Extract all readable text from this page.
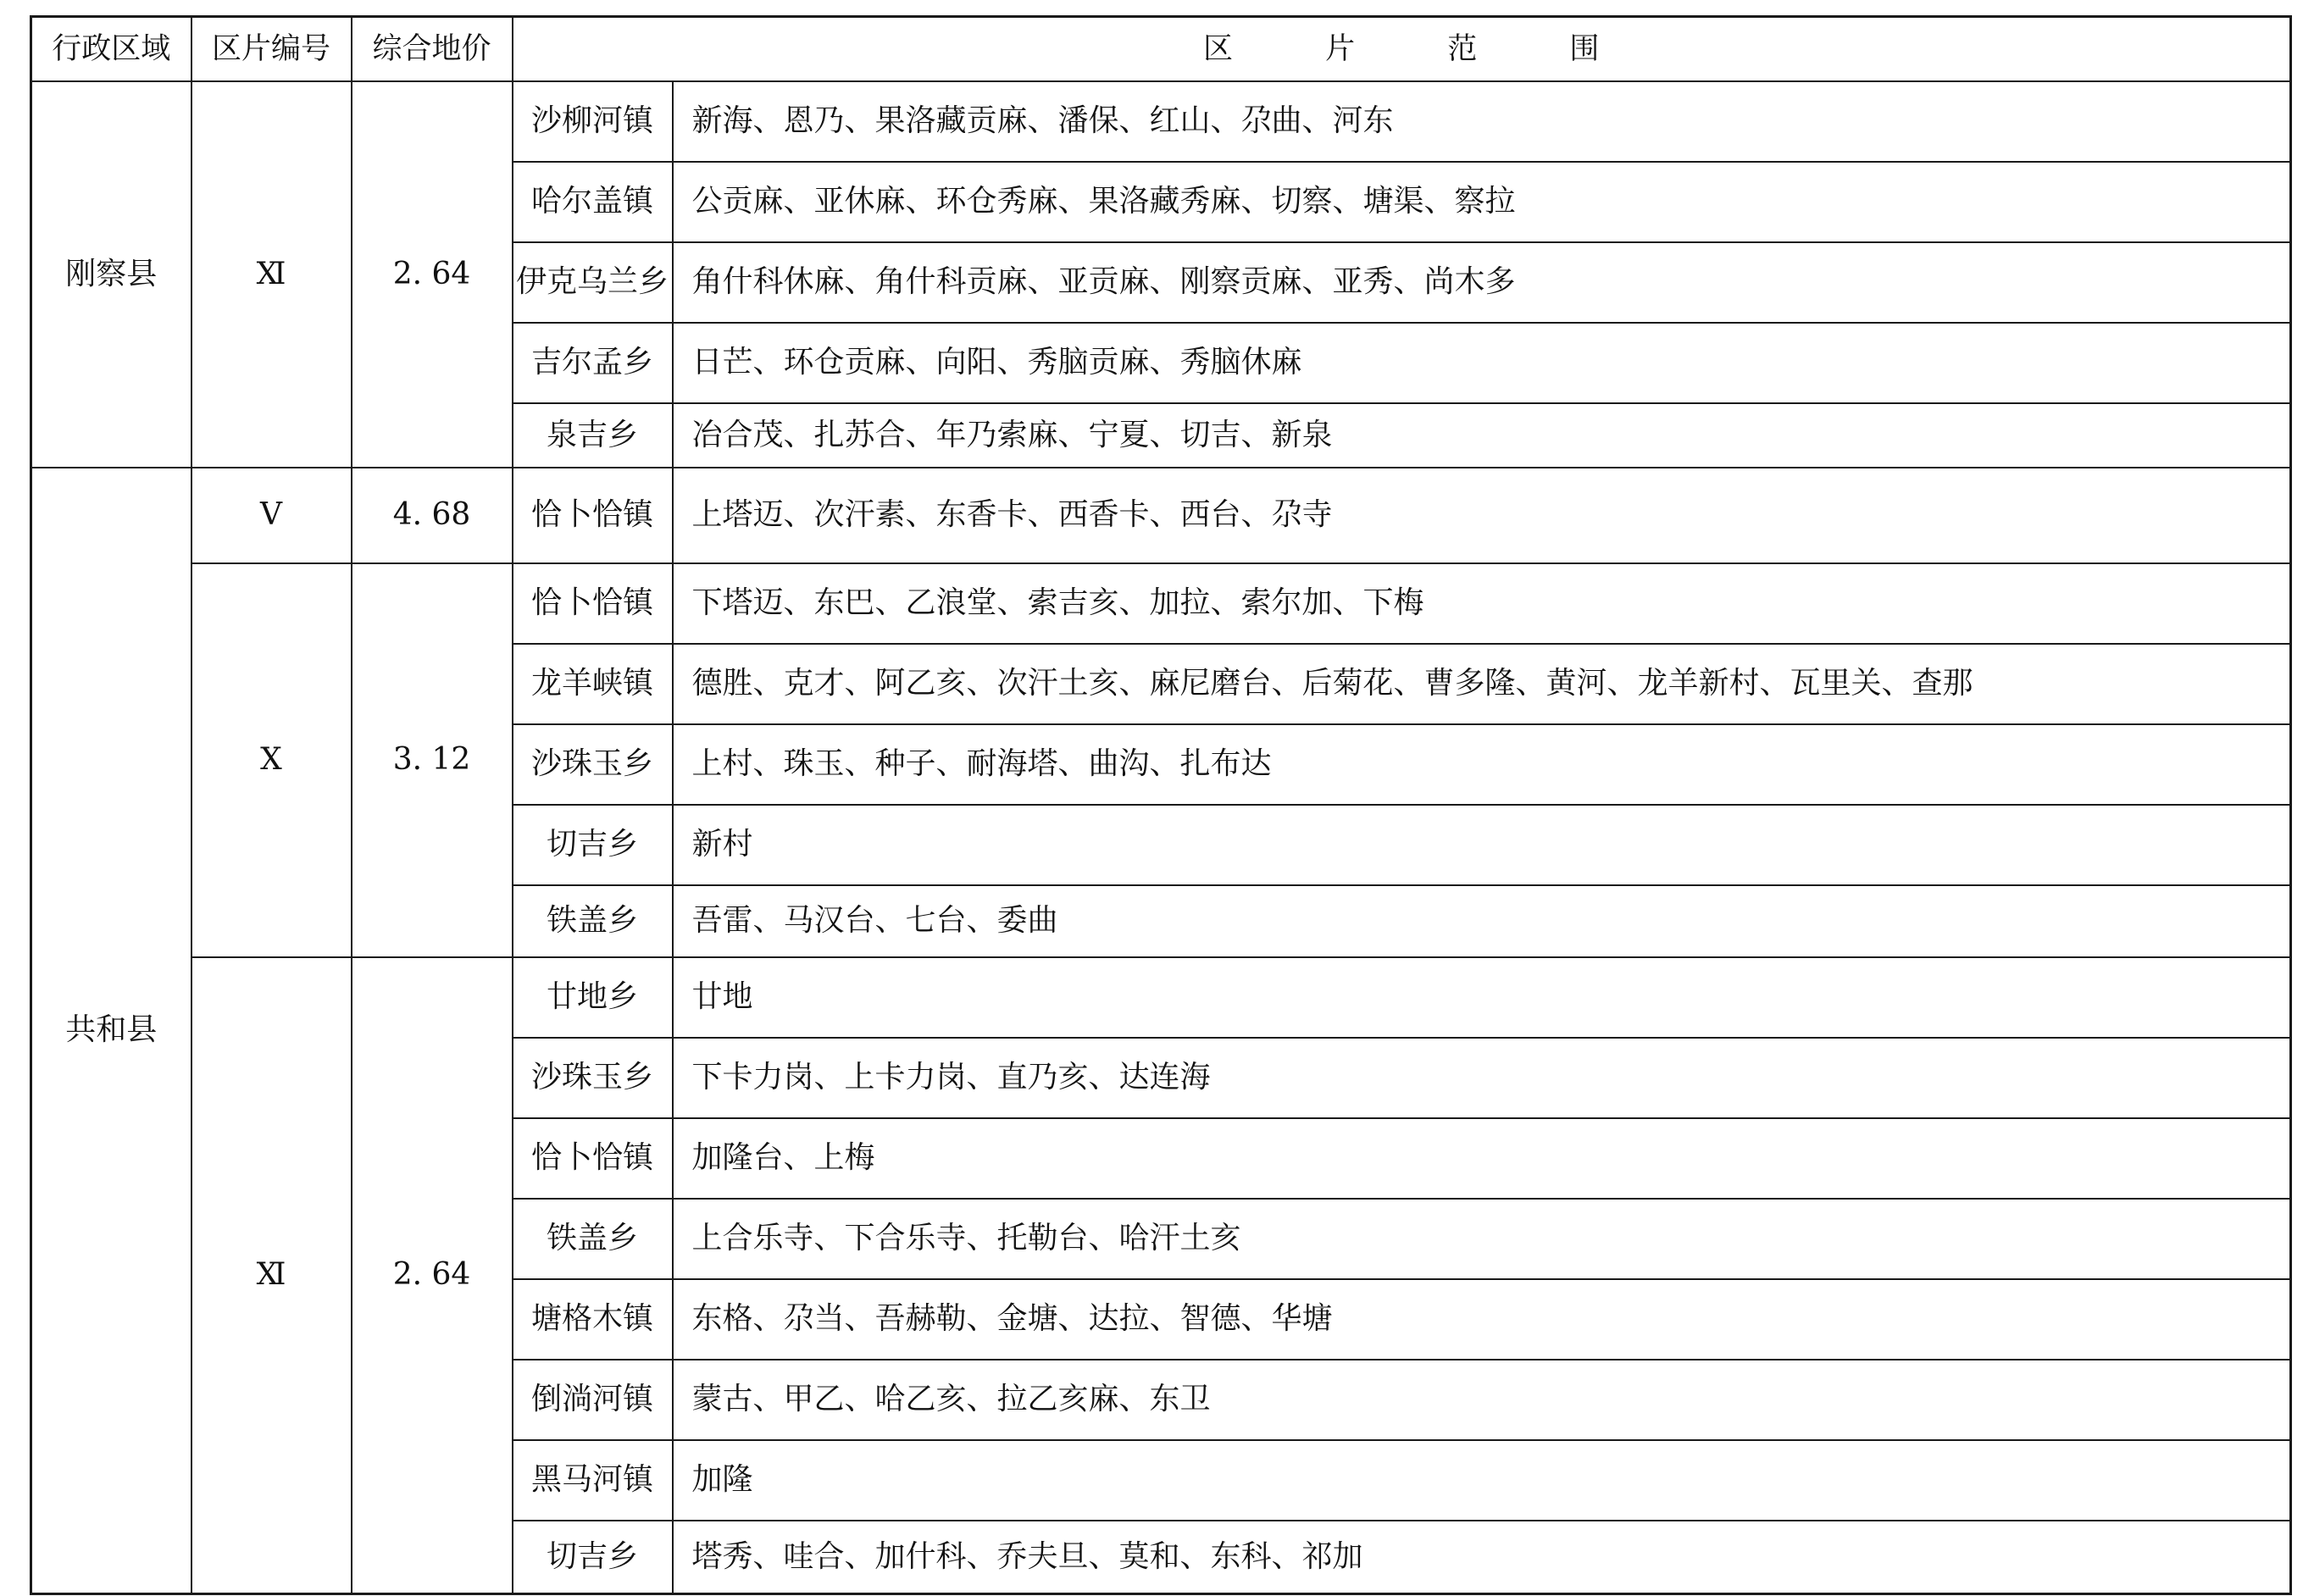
行政区域	区片编号	综合地价	区 片 范 围	
刚察县	Ⅺ	2. 64	沙柳河镇	新海、恩乃、果洛藏贡麻、潘保、红山、尕曲、河东
			哈尔盖镇	公贡麻、亚休麻、环仓秀麻、果洛藏秀麻、切察、塘渠、察拉
			伊克乌兰乡	角什科休麻、角什科贡麻、亚贡麻、刚察贡麻、亚秀、尚木多
			吉尔孟乡	日芒、环仓贡麻、向阳、秀脑贡麻、秀脑休麻
			泉吉乡	冶合茂、扎苏合、年乃索麻、宁夏、切吉、新泉
共和县	Ⅴ	4. 68	恰卜恰镇	上塔迈、次汗素、东香卡、西香卡、西台、尕寺
	Ⅹ	3. 12	恰卜恰镇	下塔迈、东巴、乙浪堂、索吉亥、加拉、索尔加、下梅
			龙羊峡镇	德胜、克才、阿乙亥、次汗土亥、麻尼磨台、后菊花、曹多隆、黄河、龙羊新村、瓦里关、查那
			沙珠玉乡	上村、珠玉、种子、耐海塔、曲沟、扎布达
			切吉乡	新村
			铁盖乡	吾雷、马汉台、七台、委曲
	Ⅺ	2. 64	廿地乡	廿地
			沙珠玉乡	下卡力岗、上卡力岗、直乃亥、达连海
			恰卜恰镇	加隆台、上梅
			铁盖乡	上合乐寺、下合乐寺、托勒台、哈汗土亥
			塘格木镇	东格、尕当、吾赫勒、金塘、达拉、智德、华塘
			倒淌河镇	蒙古、甲乙、哈乙亥、拉乙亥麻、东卫
			黑马河镇	加隆
			切吉乡	塔秀、哇合、加什科、乔夫旦、莫和、东科、祁加
